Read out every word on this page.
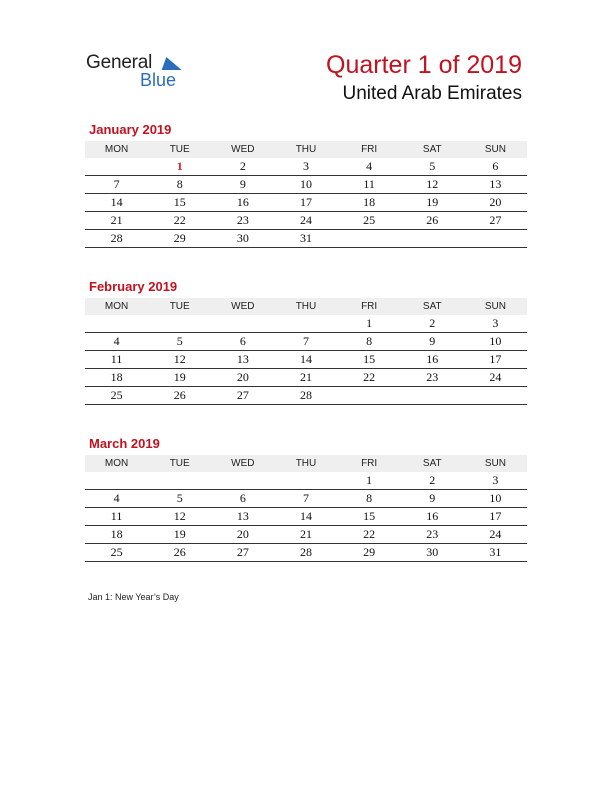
General
Blue
Quarter 1 of 2019
United Arab Emirates
January 2019
MON	TUE	WED	THU	FRI	SAT	SUN
	1	2	3	4	5	6
7	8	9	10	11	12	13
14	15	16	17	18	19	20
21	22	23	24	25	26	27
28	29	30	31			
February 2019
MON	TUE	WED	THU	FRI	SAT	SUN
				1	2	3
4	5	6	7	8	9	10
11	12	13	14	15	16	17
18	19	20	21	22	23	24
25	26	27	28			
March 2019
MON	TUE	WED	THU	FRI	SAT	SUN
				1	2	3
4	5	6	7	8	9	10
11	12	13	14	15	16	17
18	19	20	21	22	23	24
25	26	27	28	29	30	31
Jan 1: New Year’s Day
